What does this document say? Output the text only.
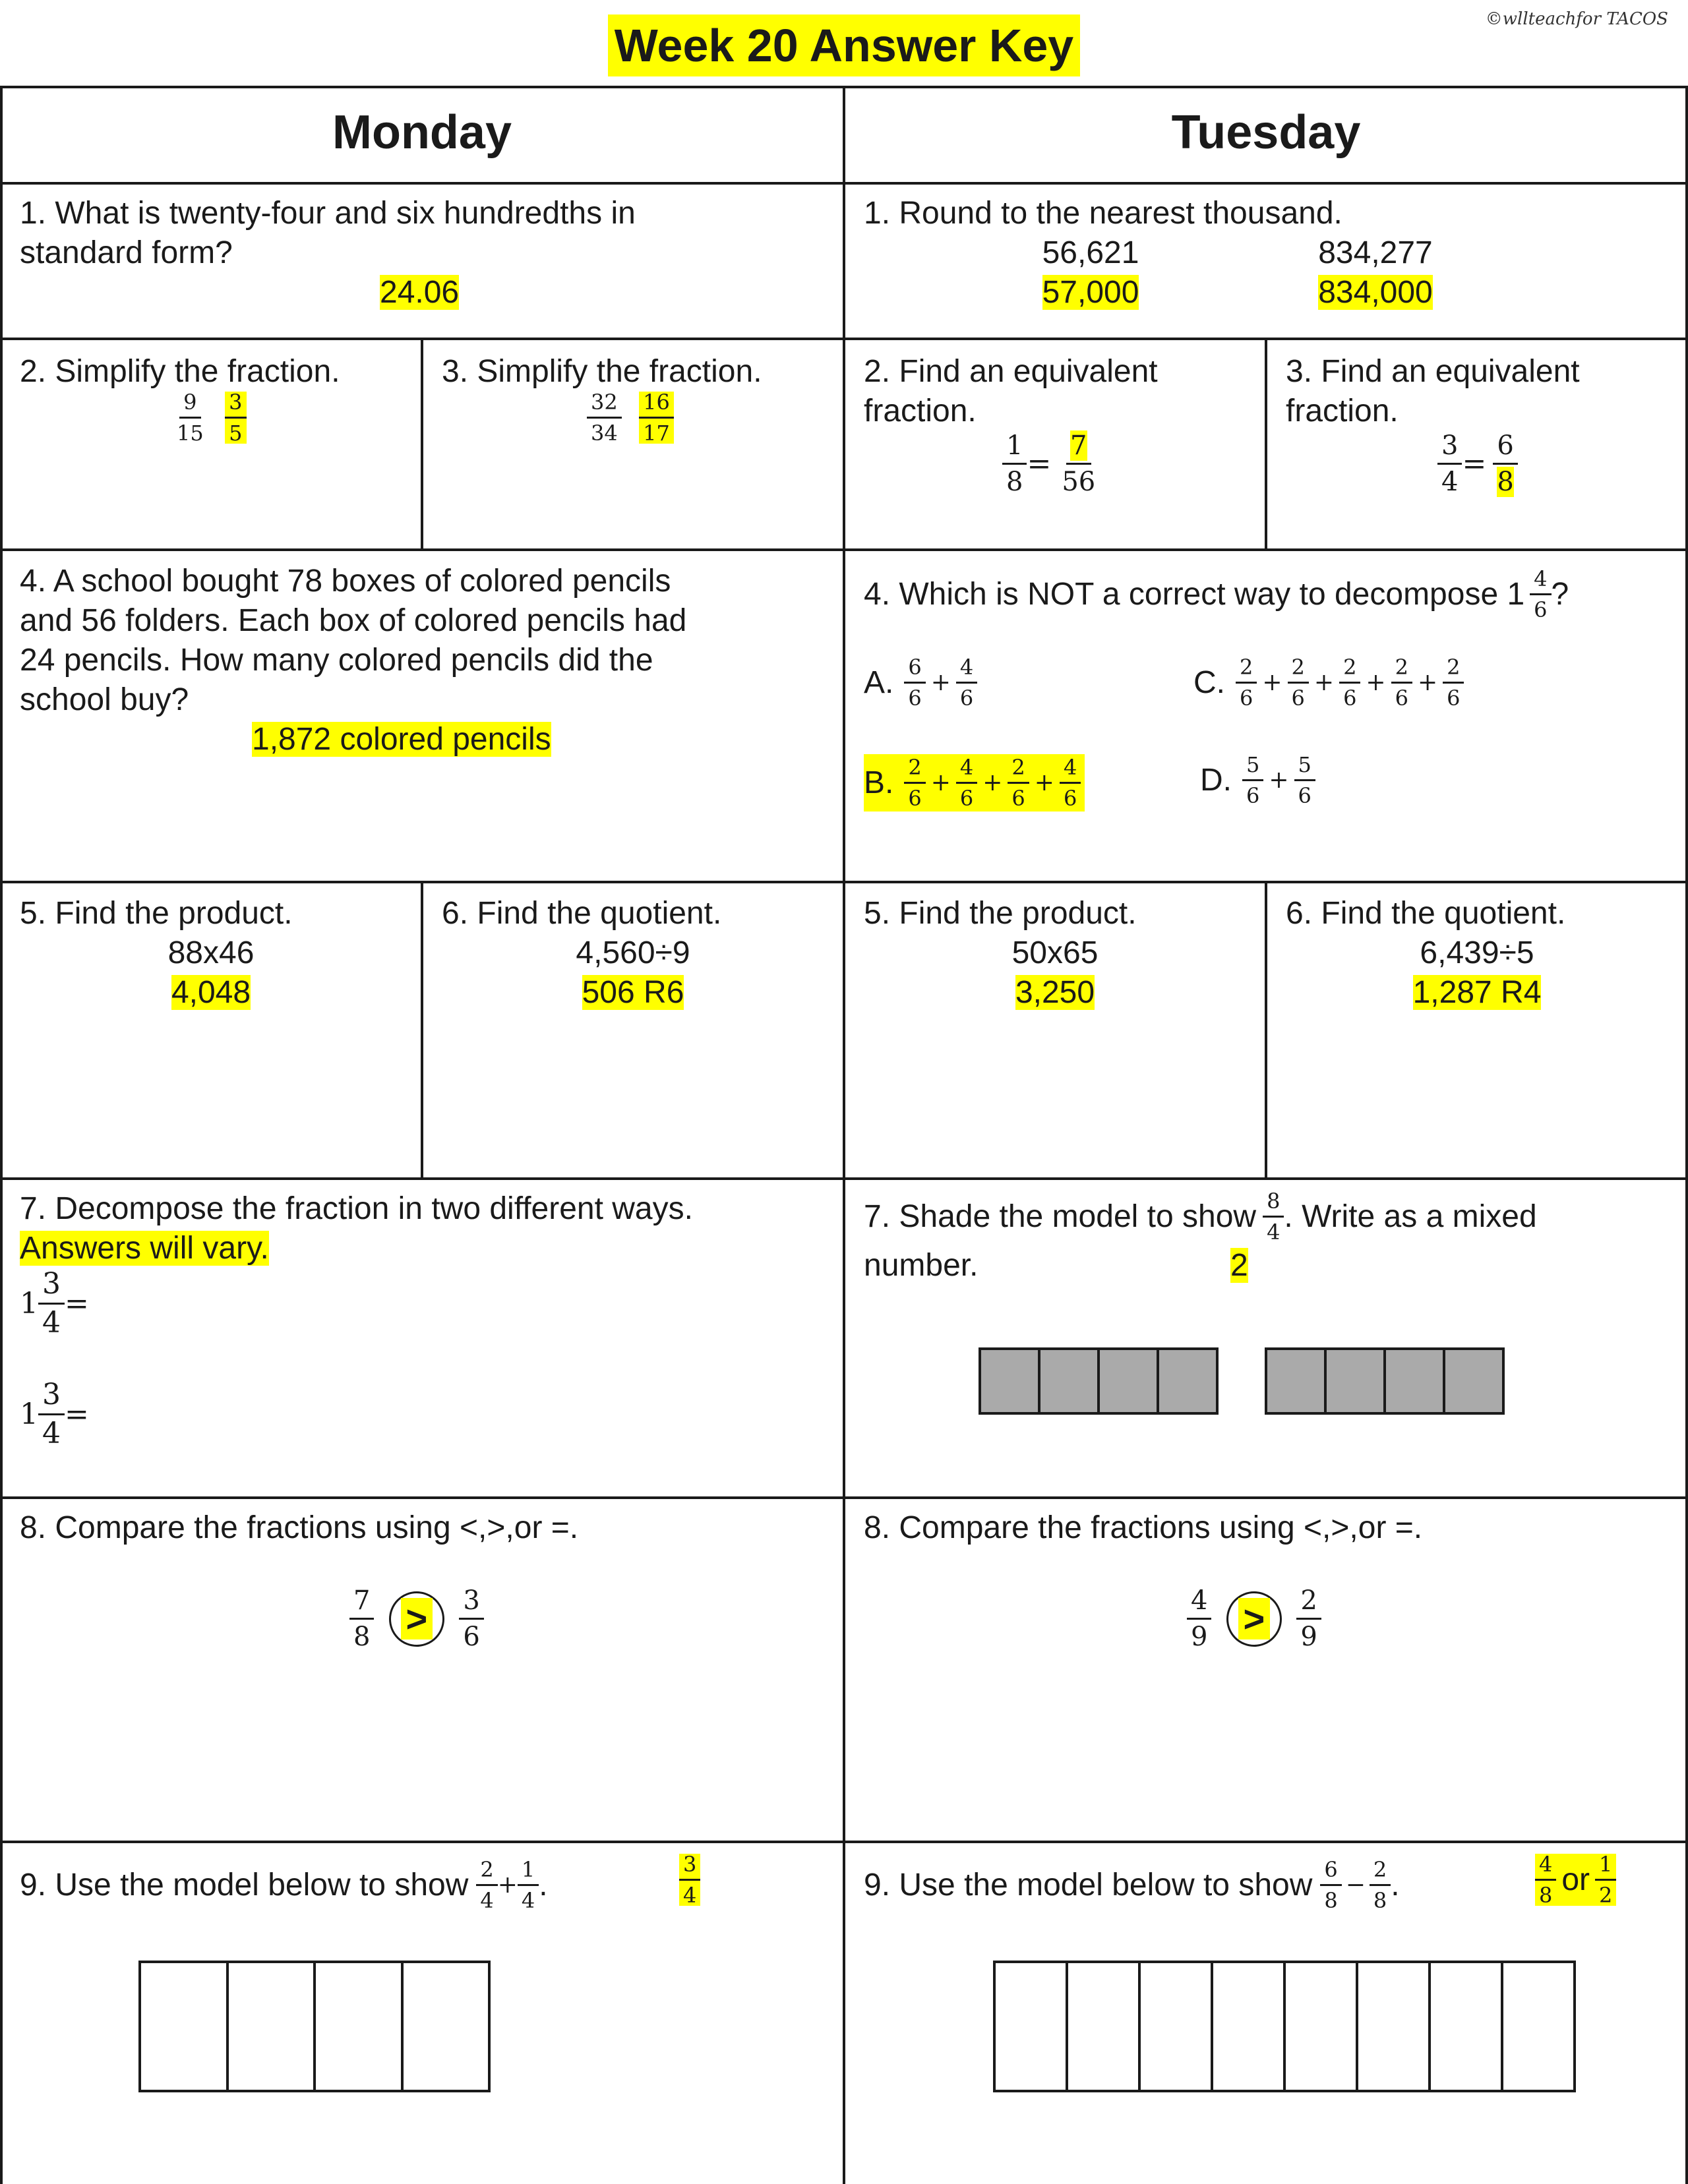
Week 20 Answer Key
©wllteachfor TACOS
Monday	Tuesday
1. What is twenty-four and six hundredths in
standard form?
24.06
2. Simplify the fraction.
$\frac{9}{15}$
$\frac{3}{5}$
3. Simplify the fraction.
$\frac{32}{34}$
$\frac{16}{17}$
4. A school bought 78 boxes of colored pencils
and 56 folders. Each box of colored pencils had
24 pencils. How many colored pencils did the
school buy?
1,872 colored pencils
5. Find the product.
88x46
4,048
6. Find the quotient.
4,560÷9
506 R6
7. Decompose the fraction in two different ways.
Answers will vary.
$1 \frac{3}{4}$ =
$1 \frac{3}{4}$ =
8. Compare the fractions using <,>,or =.
$\frac{7}{8} > \frac{3}{6}$
9. Use the model below to show 2
4
+ $\frac{1}{4}$ .	$\frac{3}{4}$
1. Round to the nearest thousand.
56,621
57,000
834,277
834,000
2. Find an equivalent
fraction.
$\frac{1}{8} = \frac{7}{56}$
3. Find an equivalent
fraction.
$\frac{3}{4} = \frac{6}{8}$
4. Which is NOT a correct way to decompose 1 4
6 ?
A. 6
6
+ $\frac{4}{6}$
B. 2
6
+ $\frac{4}{6} + \frac{2}{6} + \frac{4}{6}$
C. 2
6
+ $\frac{2}{6} + \frac{2}{6} + \frac{2}{6} + \frac{2}{6}$
D. 5
6
+ $\frac{5}{6}$
5. Find the product.
50x65
3,250
6. Find the quotient.
6,439÷5
1,287 R4
7. Shade the model to show 8
4 . Write as a mixed
number.	2
8. Compare the fractions using <,>,or =.
$\frac{4}{9} > \frac{2}{9}$
9. Use the model below to show 6
8
− $\frac{2}{8}$ .
4
8 or 1
2
